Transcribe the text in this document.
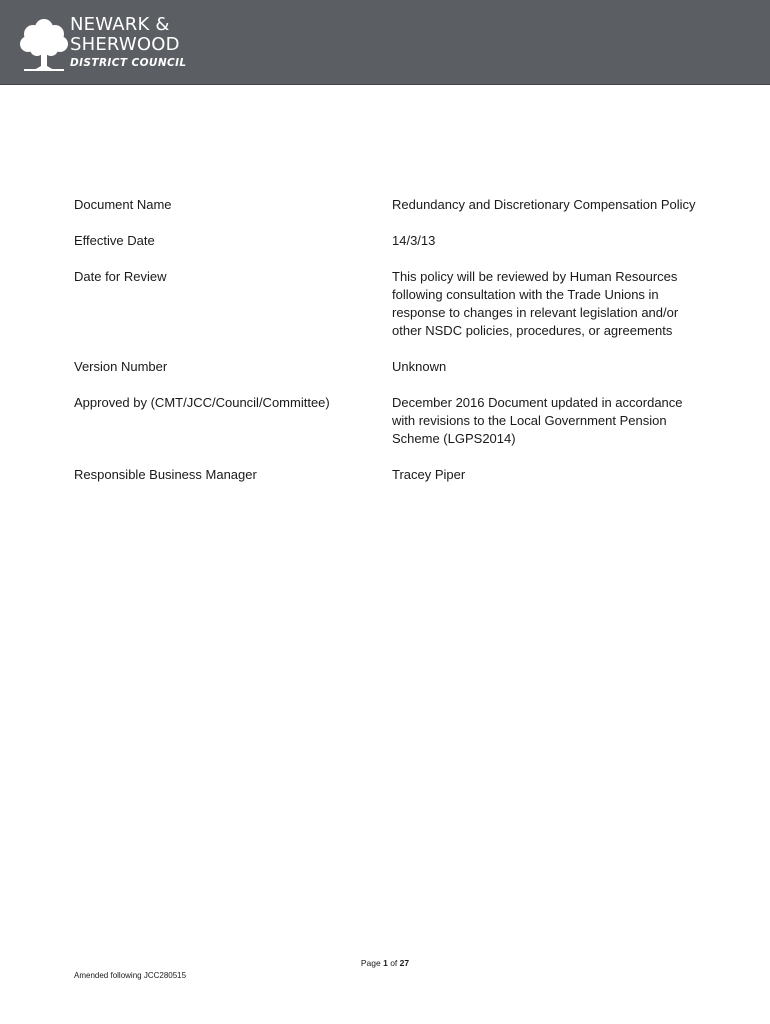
NEWARK &
SHERWOOD
DISTRICT COUNCIL
Document Name	Redundancy and Discretionary Compensation Policy
Effective Date	14/3/13
Date for Review	This policy will be reviewed by Human Resources following consultation with the Trade Unions in response to changes in relevant legislation and/or other NSDC policies, procedures, or agreements
Version Number	Unknown
Approved by (CMT/JCC/Council/Committee)	December 2016 Document updated in accordance with revisions to the Local Government Pension Scheme (LGPS2014)
Responsible Business Manager	Tracey Piper
Page 1 of 27
Amended following JCC280515
